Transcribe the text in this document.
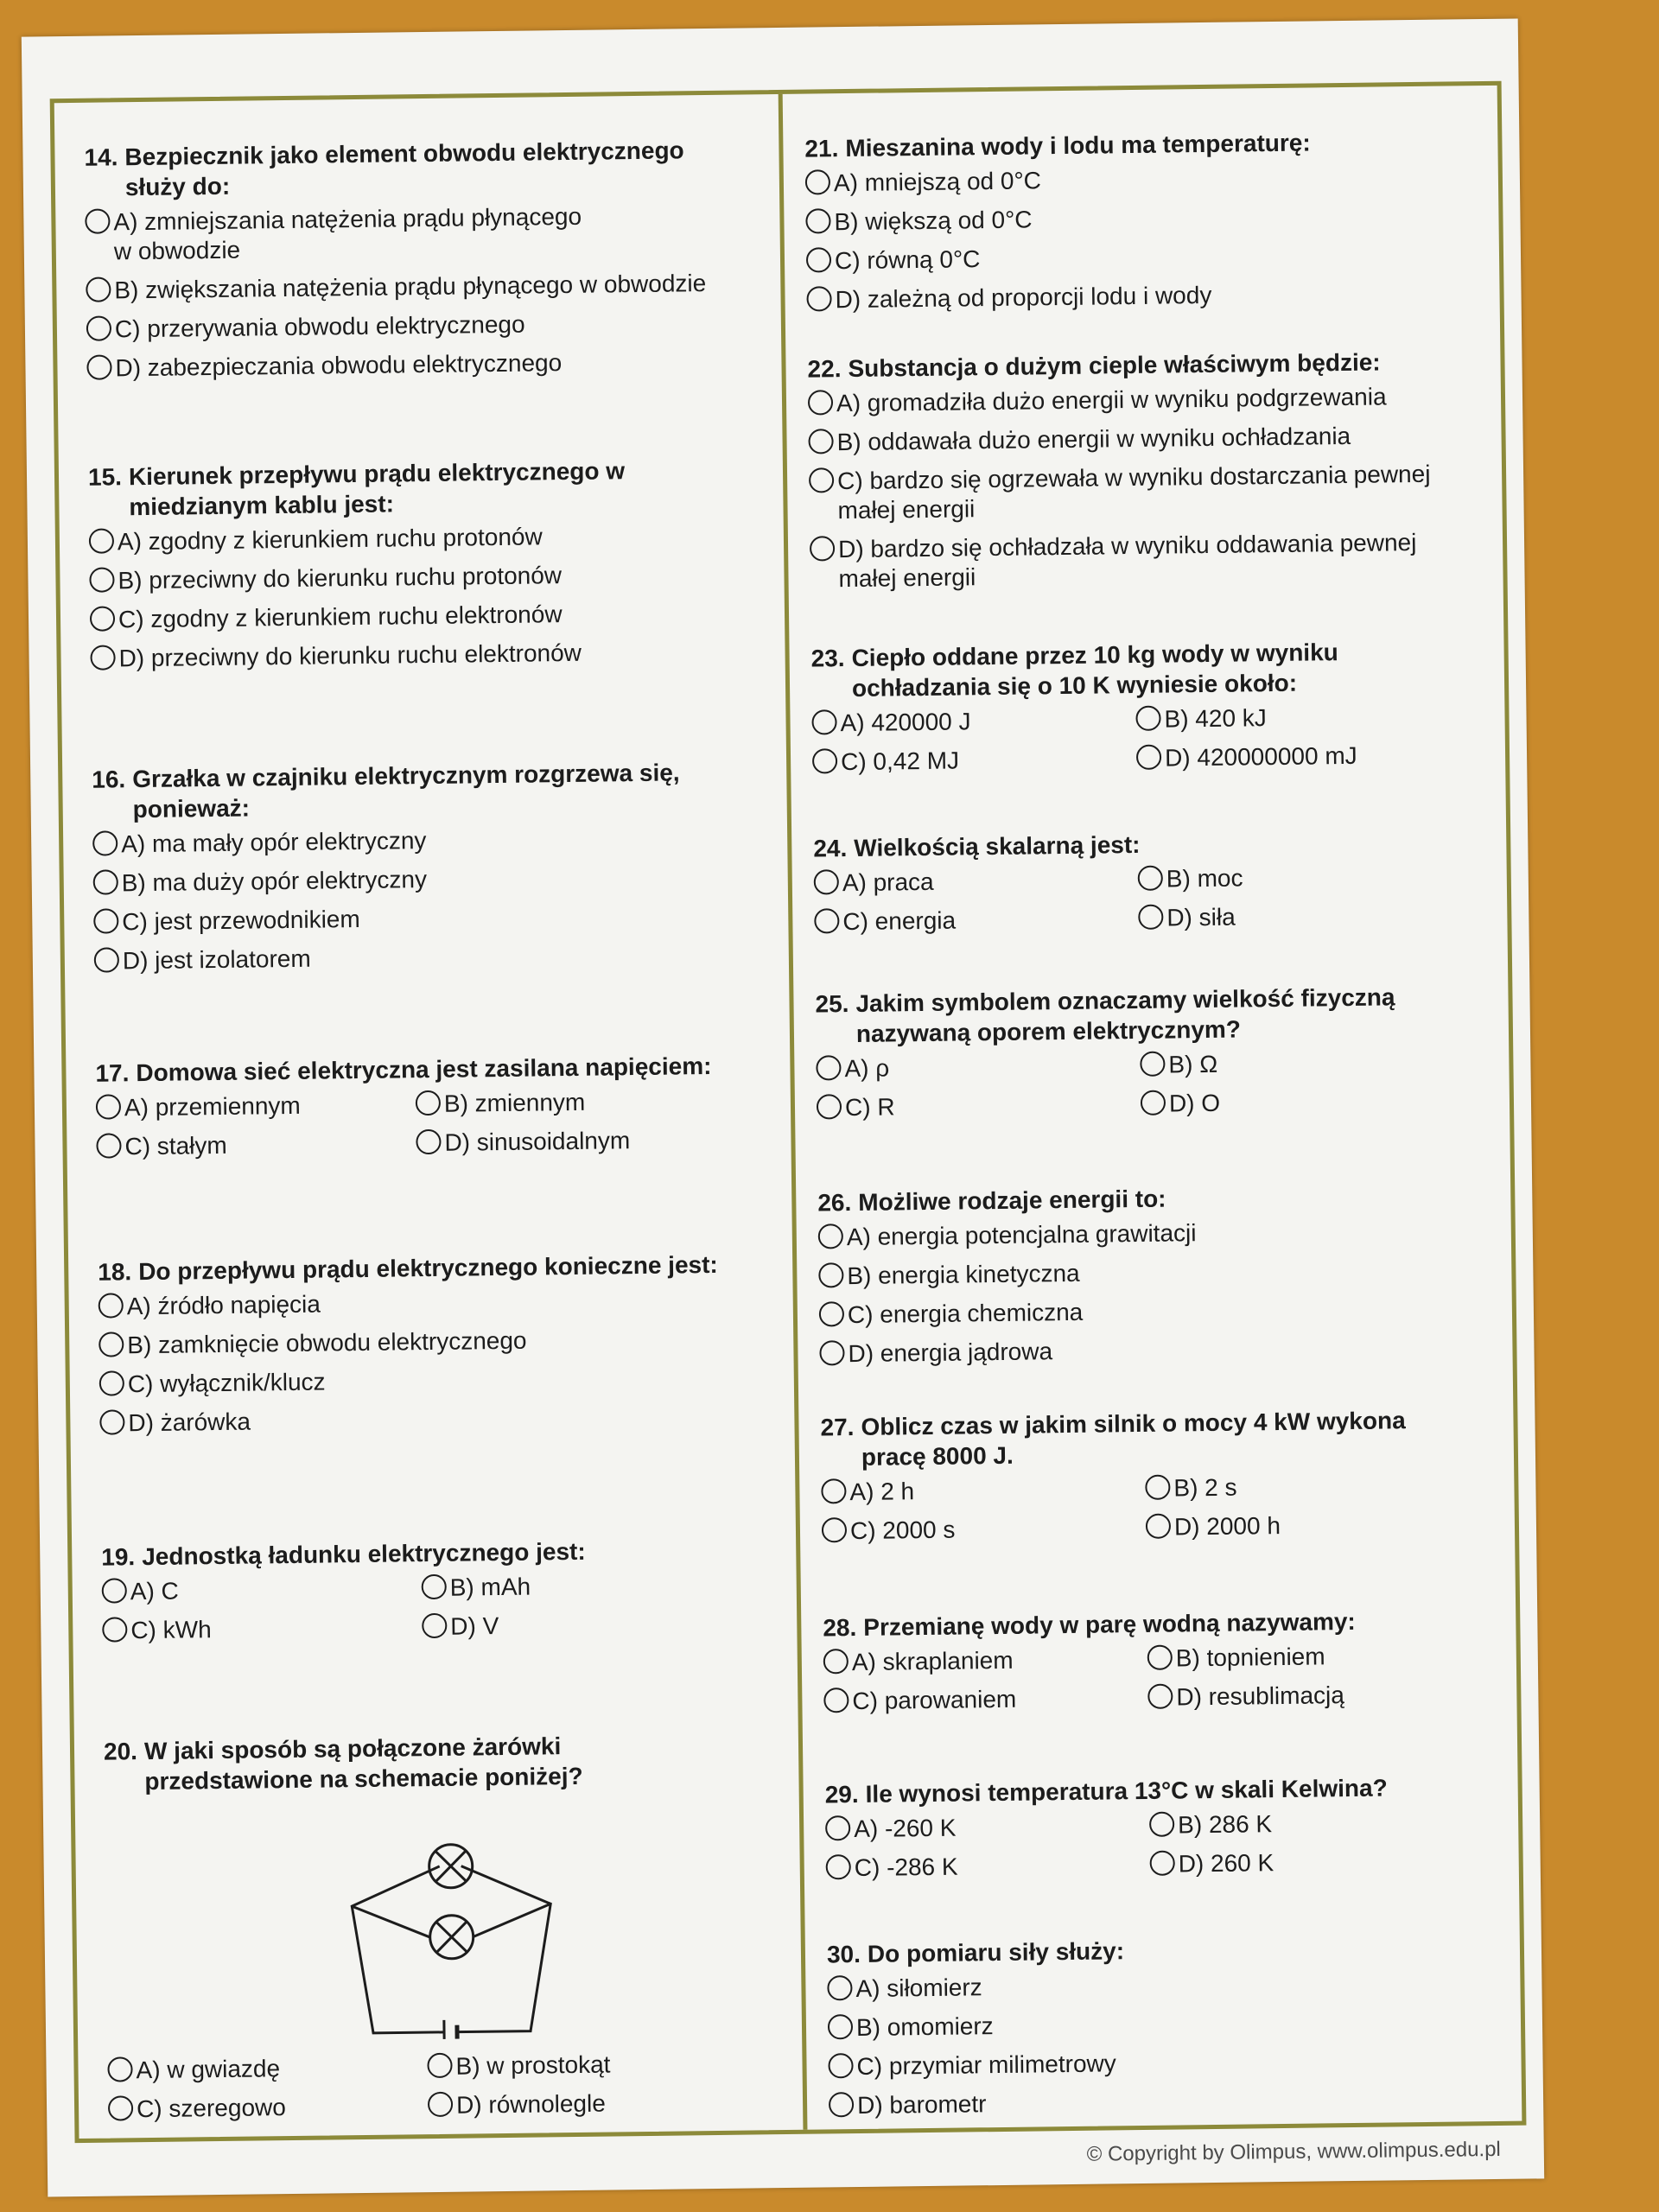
14. Bezpiecznik jako element obwodu elektrycznego służy do:
A) zmniejszania natężenia prądu płynącego w obwodzie
B) zwiększania natężenia prądu płynącego w obwodzie
C) przerywania obwodu elektrycznego
D) zabezpieczania obwodu elektrycznego
15. Kierunek przepływu prądu elektrycznego w miedzianym kablu jest:
A) zgodny z kierunkiem ruchu protonów
B) przeciwny do kierunku ruchu protonów
C) zgodny z kierunkiem ruchu elektronów
D) przeciwny do kierunku ruchu elektronów
16. Grzałka w czajniku elektrycznym rozgrzewa się, ponieważ:
A) ma mały opór elektryczny
B) ma duży opór elektryczny
C) jest przewodnikiem
D) jest izolatorem
17. Domowa sieć elektryczna jest zasilana napięciem:
A) przemiennym	B) zmiennym
C) stałym	D) sinusoidalnym
18. Do przepływu prądu elektrycznego konieczne jest:
A) źródło napięcia
B) zamknięcie obwodu elektrycznego
C) wyłącznik/klucz
D) żarówka
19. Jednostką ładunku elektrycznego jest:
A) C	B) mAh
C) kWh	D) V
20. W jaki sposób są połączone żarówki przedstawione na schemacie poniżej?
A) w gwiazdę	B) w prostokąt
C) szeregowo	D) równolegle
21. Mieszanina wody i lodu ma temperaturę:
A) mniejszą od 0°C
B) większą od 0°C
C) równą 0°C
D) zależną od proporcji lodu i wody
22. Substancja o dużym cieple właściwym będzie:
A) gromadziła dużo energii w wyniku podgrzewania
B) oddawała dużo energii w wyniku ochładzania
C) bardzo się ogrzewała w wyniku dostarczania pewnej małej energii
D) bardzo się ochładzała w wyniku oddawania pewnej małej energii
23. Ciepło oddane przez 10 kg wody w wyniku ochładzania się o 10 K wyniesie około:
A) 420000 J	B) 420 kJ
C) 0,42 MJ	D) 420000000 mJ
24. Wielkością skalarną jest:
A) praca	B) moc
C) energia	D) siła
25. Jakim symbolem oznaczamy wielkość fizyczną nazywaną oporem elektrycznym?
A) ρ	B) Ω
C) R	D) O
26. Możliwe rodzaje energii to:
A) energia potencjalna grawitacji
B) energia kinetyczna
C) energia chemiczna
D) energia jądrowa
27. Oblicz czas w jakim silnik o mocy 4 kW wykona pracę 8000 J.
A) 2 h	B) 2 s
C) 2000 s	D) 2000 h
28. Przemianę wody w parę wodną nazywamy:
A) skraplaniem	B) topnieniem
C) parowaniem	D) resublimacją
29. Ile wynosi temperatura 13°C w skali Kelwina?
A) -260 K	B) 286 K
C) -286 K	D) 260 K
30. Do pomiaru siły służy:
A) siłomierz
B) omomierz
C) przymiar milimetrowy
D) barometr
© Copyright by Olimpus, www.olimpus.edu.pl
